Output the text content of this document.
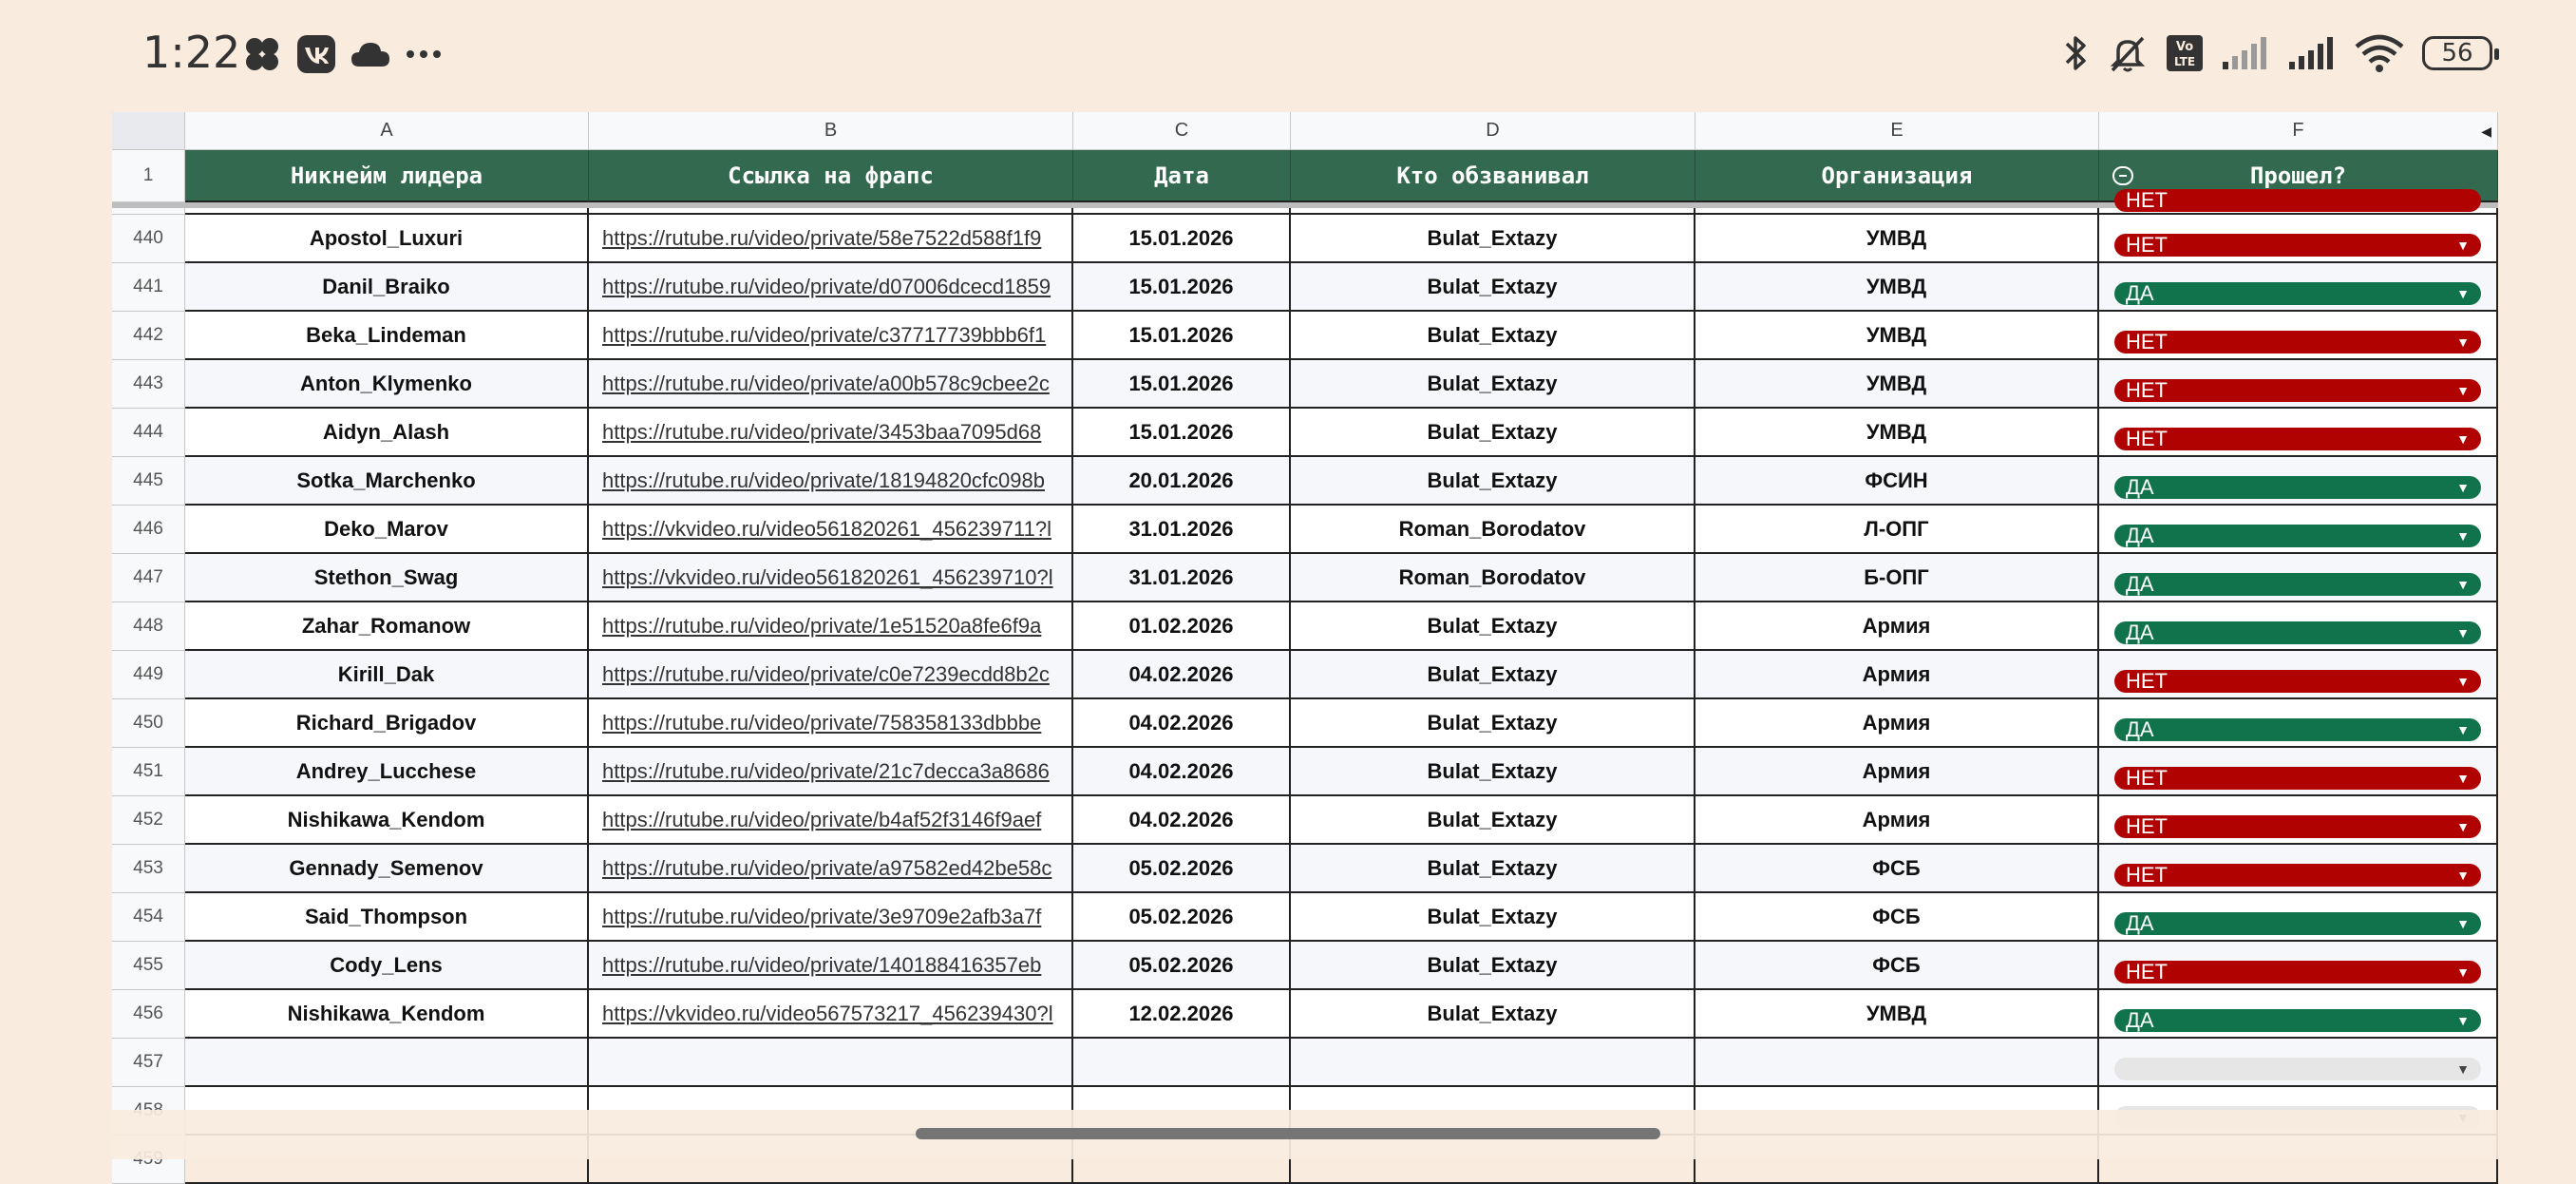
1:22	Vo
LTE	56
A	B	C	D	E	F	◀
1	Никнейм лидера	Ссылка на фрапс	Дата	Кто обзванивал	Организация	Прошел?
НЕТ
440	Apostol_Luxuri	https://rutube.ru/video/private/58e7522d588f1f9	15.01.2026	Bulat_Extazy	УМВД	НЕТ	▼
441	Danil_Braiko	https://rutube.ru/video/private/d07006dcecd1859	15.01.2026	Bulat_Extazy	УМВД	ДА	▼
442	Beka_Lindeman	https://rutube.ru/video/private/c37717739bbb6f1	15.01.2026	Bulat_Extazy	УМВД	НЕТ	▼
443	Anton_Klymenko	https://rutube.ru/video/private/a00b578c9cbee2c	15.01.2026	Bulat_Extazy	УМВД	НЕТ	▼
444	Aidyn_Alash	https://rutube.ru/video/private/3453baa7095d68	15.01.2026	Bulat_Extazy	УМВД	НЕТ	▼
445	Sotka_Marchenko	https://rutube.ru/video/private/18194820cfc098b	20.01.2026	Bulat_Extazy	ФСИН	ДА	▼
446	Deko_Marov	https://vkvideo.ru/video561820261_456239711?l	31.01.2026	Roman_Borodatov	Л-ОПГ	ДА	▼
447	Stethon_Swag	https://vkvideo.ru/video561820261_456239710?l	31.01.2026	Roman_Borodatov	Б-ОПГ	ДА	▼
448	Zahar_Romanow	https://rutube.ru/video/private/1e51520a8fe6f9a	01.02.2026	Bulat_Extazy	Армия	ДА	▼
449	Kirill_Dak	https://rutube.ru/video/private/c0e7239ecdd8b2c	04.02.2026	Bulat_Extazy	Армия	НЕТ	▼
450	Richard_Brigadov	https://rutube.ru/video/private/758358133dbbbe	04.02.2026	Bulat_Extazy	Армия	ДА	▼
451	Andrey_Lucchese	https://rutube.ru/video/private/21c7decca3a8686	04.02.2026	Bulat_Extazy	Армия	НЕТ	▼
452	Nishikawa_Kendom	https://rutube.ru/video/private/b4af52f3146f9aef	04.02.2026	Bulat_Extazy	Армия	НЕТ	▼
453	Gennady_Semenov	https://rutube.ru/video/private/a97582ed42be58c	05.02.2026	Bulat_Extazy	ФСБ	НЕТ	▼
454	Said_Thompson	https://rutube.ru/video/private/3e9709e2afb3a7f	05.02.2026	Bulat_Extazy	ФСБ	ДА	▼
455	Cody_Lens	https://rutube.ru/video/private/140188416357eb	05.02.2026	Bulat_Extazy	ФСБ	НЕТ	▼
456	Nishikawa_Kendom	https://vkvideo.ru/video567573217_456239430?l	12.02.2026	Bulat_Extazy	УМВД	ДА	▼
457	▼
